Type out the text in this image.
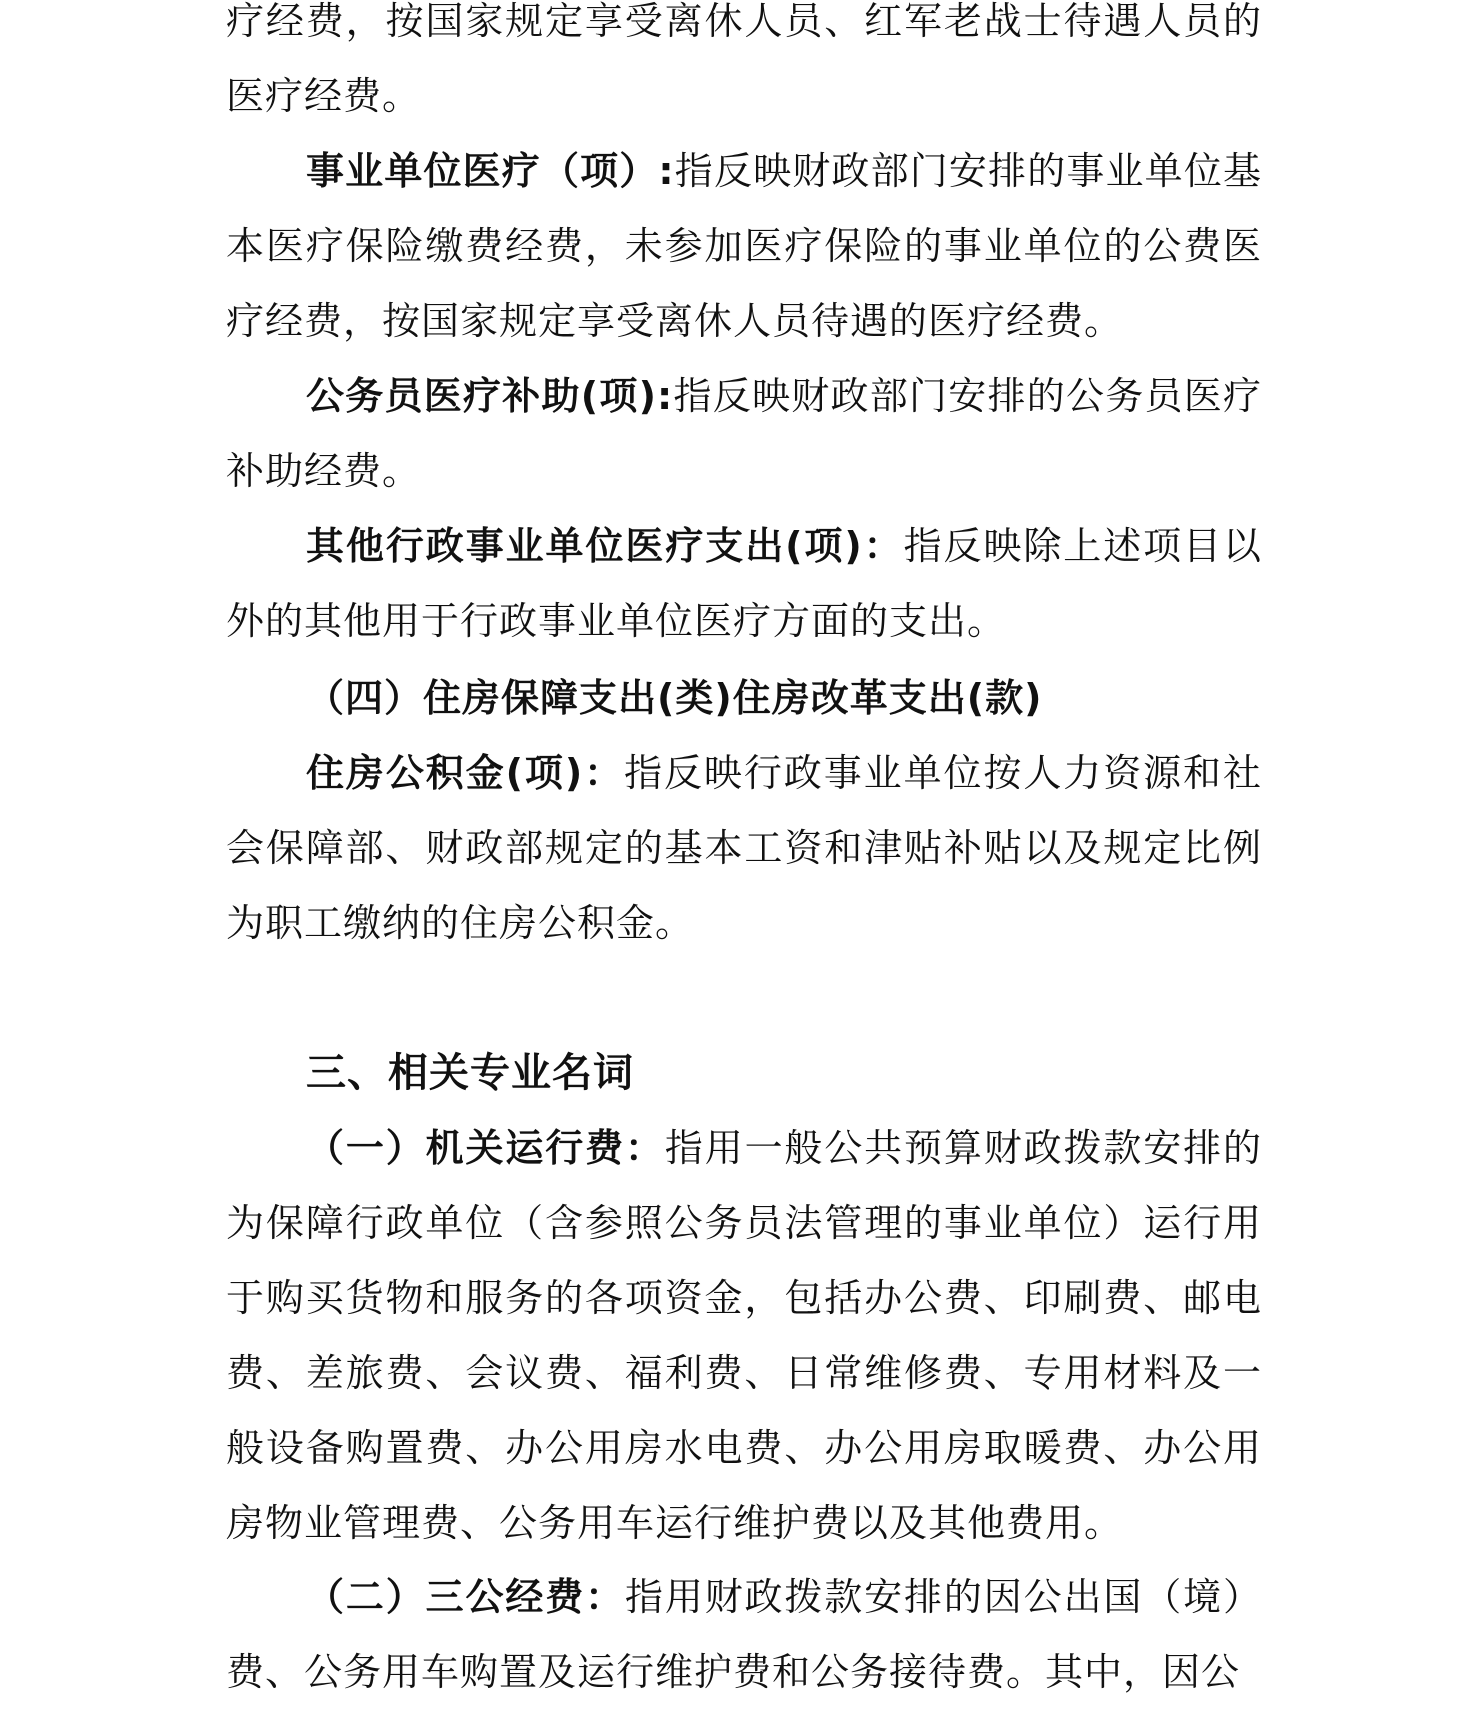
疗经费，按国家规定享受离休人员、红军老战士待遇人员的医疗经费。

事业单位医疗（项）:指反映财政部门安排的事业单位基本医疗保险缴费经费，未参加医疗保险的事业单位的公费医疗经费，按国家规定享受离休人员待遇的医疗经费。

公务员医疗补助(项):指反映财政部门安排的公务员医疗补助经费。

其他行政事业单位医疗支出(项)：指反映除上述项目以外的其他用于行政事业单位医疗方面的支出。

（四）住房保障支出(类)住房改革支出(款)

住房公积金(项)：指反映行政事业单位按人力资源和社会保障部、财政部规定的基本工资和津贴补贴以及规定比例为职工缴纳的住房公积金。

三、相关专业名词

（一）机关运行费：指用一般公共预算财政拨款安排的为保障行政单位（含参照公务员法管理的事业单位）运行用于购买货物和服务的各项资金，包括办公费、印刷费、邮电费、差旅费、会议费、福利费、日常维修费、专用材料及一般设备购置费、办公用房水电费、办公用房取暖费、办公用房物业管理费、公务用车运行维护费以及其他费用。

（二）三公经费：指用财政拨款安排的因公出国（境）费、公务用车购置及运行维护费和公务接待费。其中，因公
